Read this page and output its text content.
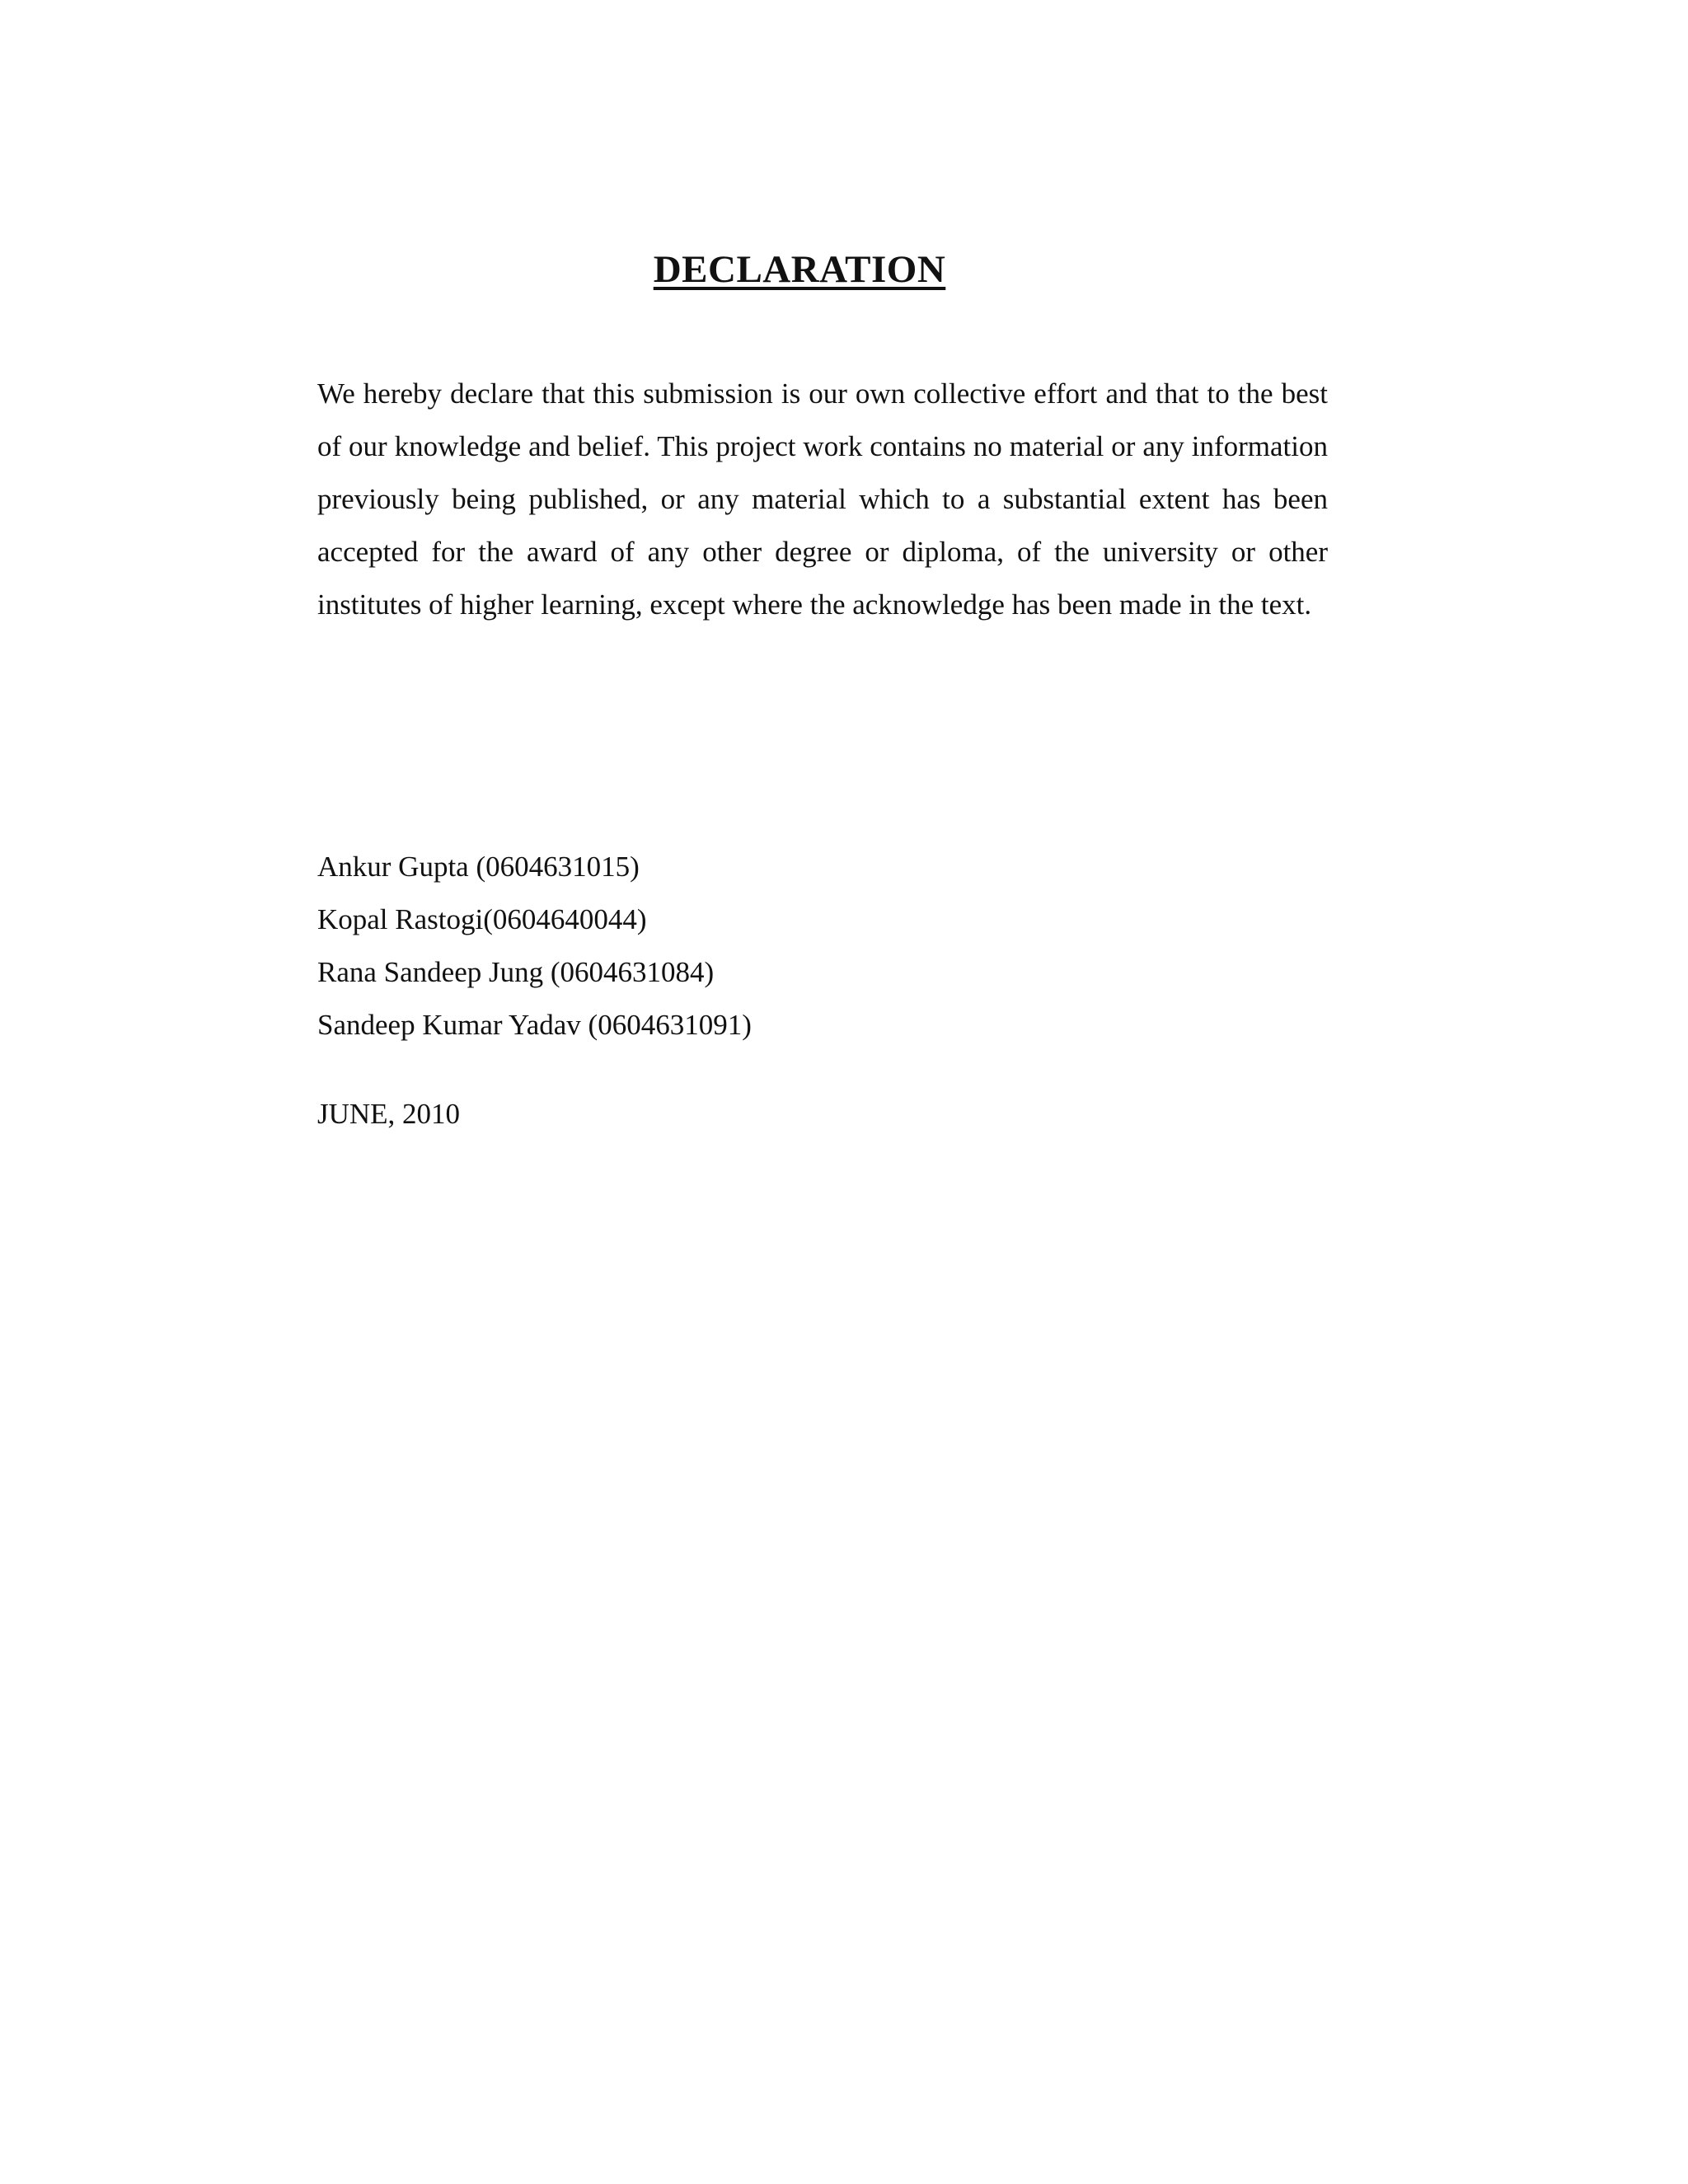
DECLARATION

We hereby declare that this submission is our own collective effort and that to the best of our knowledge and belief. This project work contains no material or any information previously being published, or any material which to a substantial extent has been accepted for the award of any other degree or diploma, of the university or other institutes of higher learning, except where the acknowledge has been made in the text.

Ankur Gupta (0604631015)
Kopal Rastogi(0604640044)
Rana Sandeep Jung (0604631084)
Sandeep Kumar Yadav (0604631091)

JUNE, 2010
